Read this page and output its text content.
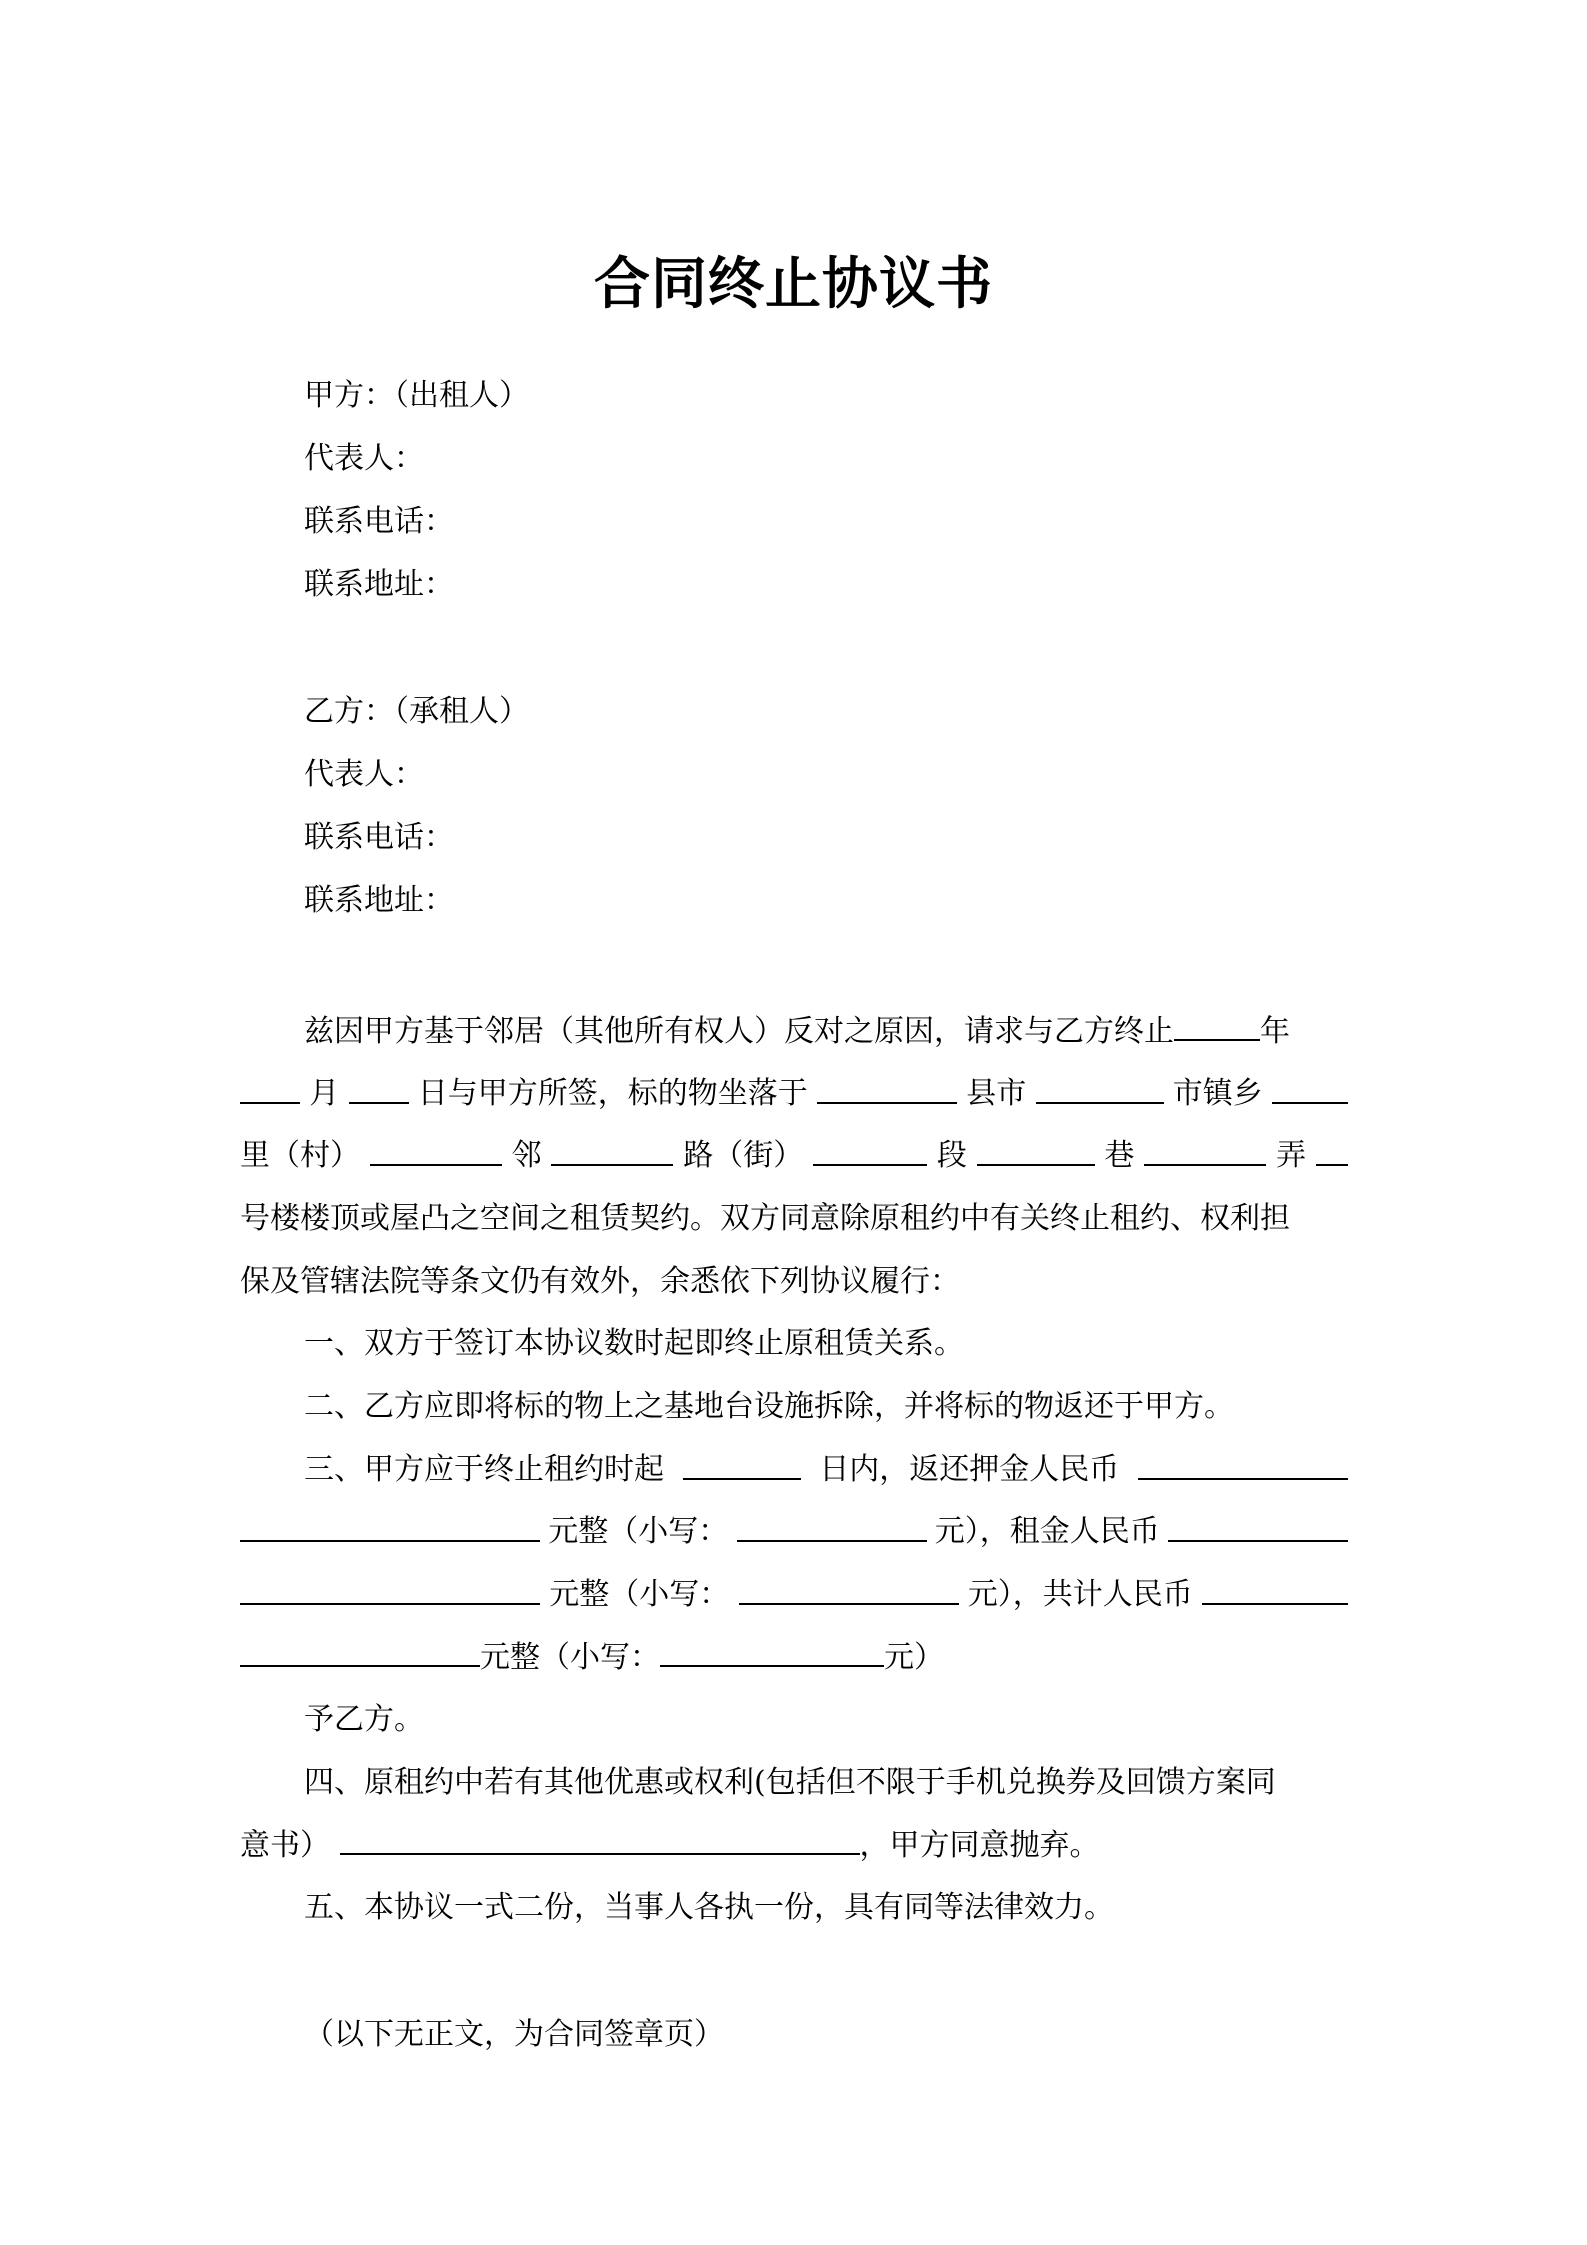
合同终止协议书
甲方：（出租人）
代表人：
联系电话：
联系地址：
乙方：（承租人）
代表人：
联系电话：
联系地址：
兹因甲方基于邻居（其他所有权人）反对之原因，请求与乙方终止	年
月	日与甲方所签，标的物坐落于	县市	市镇乡
里（村）	邻	路（街）	段	巷	弄
号楼楼顶或屋凸之空间之租赁契约。双方同意除原租约中有关终止租约、权利担
保及管辖法院等条文仍有效外，余悉依下列协议履行：
一、双方于签订本协议数时起即终止原租赁关系。
二、乙方应即将标的物上之基地台设施拆除，并将标的物返还于甲方。
三、甲方应于终止租约时起	日内，返还押金人民币
元整（小写：	元），租金人民币
元整（小写：	元），共计人民币
元整（小写：	元）
予乙方。
四、原租约中若有其他优惠或权利(包括但不限于手机兑换券及回馈方案同
意书）	，甲方同意抛弃。
五、本协议一式二份，当事人各执一份，具有同等法律效力。
（以下无正文，为合同签章页）
